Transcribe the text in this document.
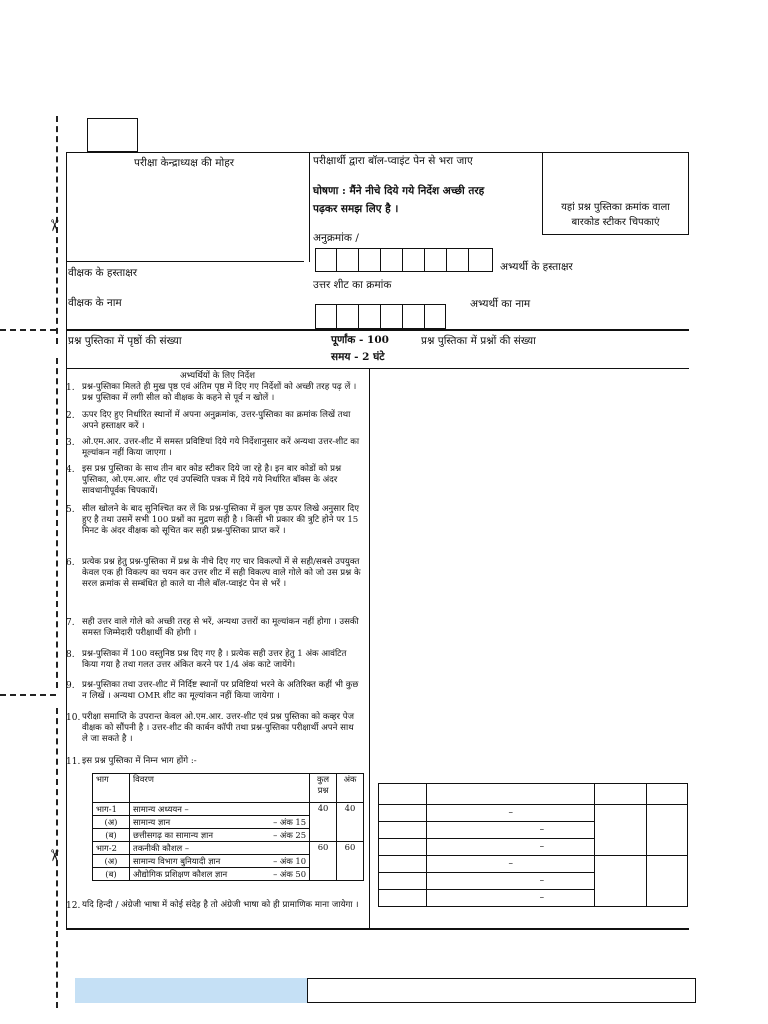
✂
✂
यहां प्रश्न पुस्तिका क्रमांक वाला
बारकोड स्टीकर चिपकाएं
परीक्षा केन्द्राध्यक्ष की मोहर	परीक्षार्थी द्वारा बॉल-प्वाइंट पेन से भरा जाए
घोषणा : मैंने नीचे दिये गये निर्देश अच्छी तरह
पढ़कर समझ लिए है ।
अनुक्रमांक /
अभ्यर्थी के हस्ताक्षर
उत्तर शीट का क्रमांक
अभ्यर्थी का नाम
वीक्षक के हस्ताक्षर
वीक्षक के नाम
प्रश्न पुस्तिका में पृष्ठों की संख्या	पूर्णांक - 100
समय - 2 घंटे
प्रश्न पुस्तिका में प्रश्नों की संख्या
अभ्यर्थियों के लिए निर्देश
1. प्रश्न-पुस्तिका मिलते ही मुख पृष्ठ एवं अंतिम पृष्ठ में दिए गए निर्देशों को अच्छी तरह पढ़ लें । प्रश्न पुस्तिका में लगी सील को वीक्षक के कहने से पूर्व न खोलें ।
2. ऊपर दिए हुए निर्धारित स्थानों में अपना अनुक्रमांक, उत्तर-पुस्तिका का क्रमांक लिखें तथा अपने हस्ताक्षर करें ।
3. ओ.एम.आर. उत्तर-शीट में समस्त प्रविष्टियां दिये गये निर्देशानुसार करें अन्यथा उत्तर-शीट का मूल्यांकन नहीं किया जाएगा ।
4. इस प्रश्न पुस्तिका के साथ तीन बार कोड स्टीकर दिये जा रहे है। इन बार कोडों को प्रश्न पुस्तिका, ओ.एम.आर. शीट एवं उपस्थिति पत्रक में दिये गये निर्धारित बॉक्स के अंदर सावधानीपूर्वक चिपकायें।
5. सील खोलने के बाद सुनिश्चित कर लें कि प्रश्न-पुस्तिका में कुल पृष्ठ ऊपर लिखे अनुसार दिए हुए है तथा उसमें सभी 100 प्रश्नों का मुद्रण सही है । किसी भी प्रकार की त्रुटि होने पर 15 मिनट के अंदर वीक्षक को सूचित कर सही प्रश्न-पुस्तिका प्राप्त करें ।
6. प्रत्येक प्रश्न हेतु प्रश्न-पुस्तिका में प्रश्न के नीचे दिए गए चार विकल्पों में से सही/सबसे उपयुक्त केवल एक ही विकल्प का चयन कर उत्तर शीट में सही विकल्प वाले गोले को जो उस प्रश्न के सरल क्रमांक से सम्बंधित हो काले या नीले बॉल-प्वाइंट पेन से भरें ।
7. सही उत्तर वाले गोले को अच्छी तरह से भरें, अन्यथा उत्तरों का मूल्यांकन नहीं होगा । उसकी समस्त जिम्मेदारी परीक्षार्थी की होगी ।
8. प्रश्न-पुस्तिका में 100 वस्तुनिष्ठ प्रश्न दिए गए है । प्रत्येक सही उत्तर हेतु 1 अंक आवंटित किया गया है तथा गलत उत्तर अंकित करने पर 1/4 अंक काटे जायेंगे।
9. प्रश्न-पुस्तिका तथा उत्तर-शीट में निर्दिष्ट स्थानों पर प्रविष्टियां भरने के अतिरिक्त कहीं भी कुछ न लिखें । अन्यथा OMR शीट का मूल्यांकन नहीं किया जायेगा ।
10. परीक्षा समाप्ति के उपरान्त केवल ओ.एम.आर. उत्तर-शीट एवं प्रश्न पुस्तिका को कव्हर पेज वीक्षक को सौंपनी है । उत्तर-शीट की कार्बन कॉपी तथा प्रश्न-पुस्तिका परीक्षार्थी अपने साथ ले जा सकते है ।
11. इस प्रश्न पुस्तिका में निम्न भाग होंगे :-
भाग	विवरण	कुल प्रश्न	अंक
भाग-1	सामान्य अध्ययन –	40	40
(अ)	सामान्य ज्ञान – अंक 15		

(ब)	छत्तीसगढ़ का सामान्य ज्ञान – अंक 25		

भाग-2	तकनीकी कौशल –	60	60
(अ)	सामान्य विभाग बुनियादी ज्ञान – अंक 10		

(ब)	औद्योगिक प्रशिक्षण कौशल ज्ञान – अंक 50		
12. यदि हिन्दी / अंग्रेजी भाषा में कोई संदेह है तो अंग्रेजी भाषा को ही प्रामाणिक माना जायेगा ।

	–		
	–		
	–		
	–		
	–		
	–		
